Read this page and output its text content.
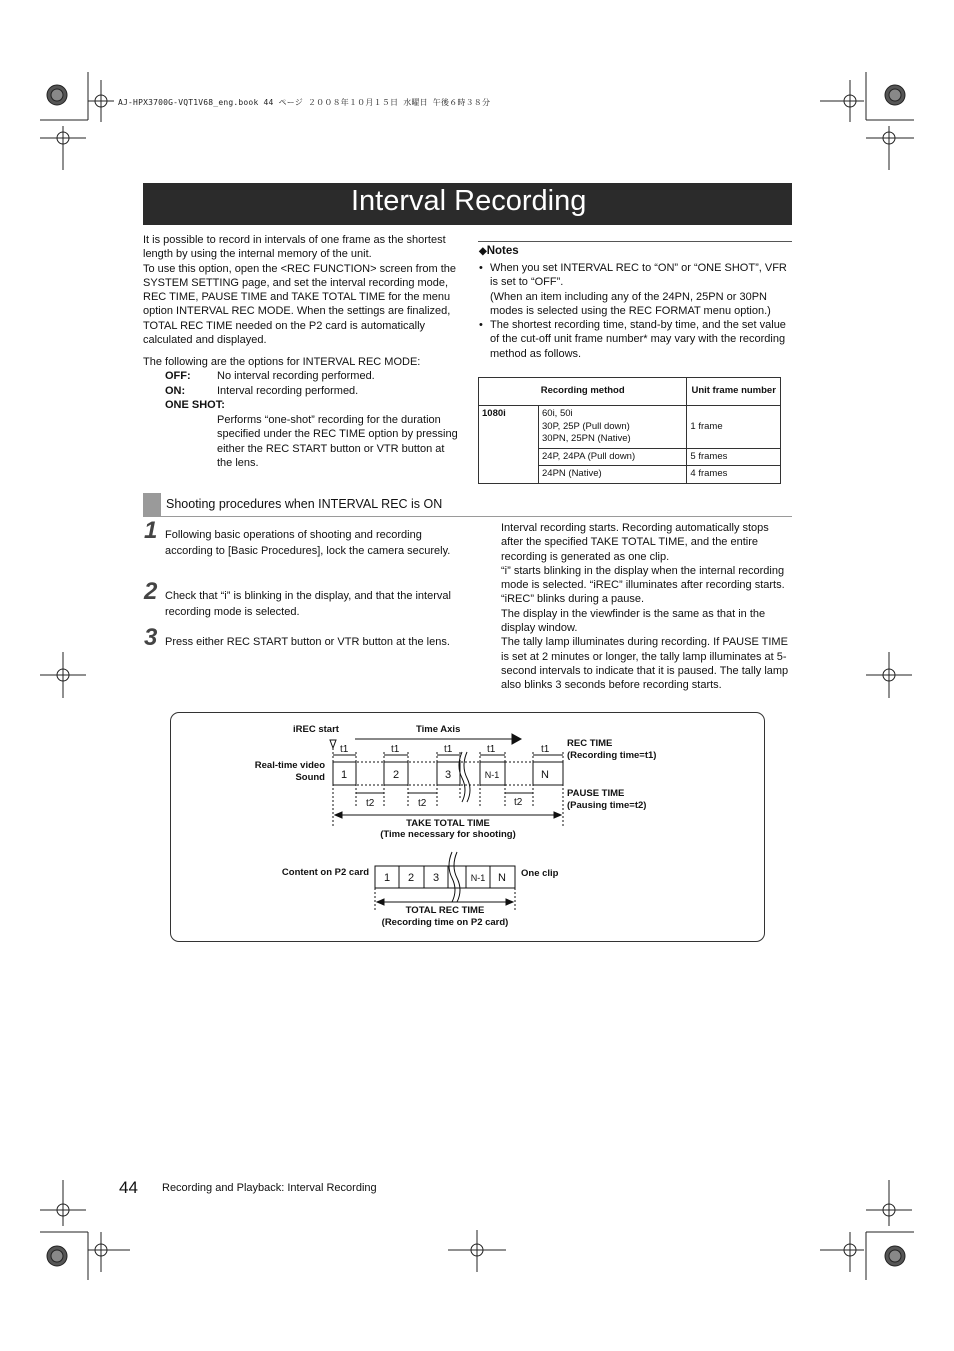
AJ-HPX3700G-VQT1V68_eng.book 44 ページ ２００８年１０月１５日 水曜日 午後６時３８分
Interval Recording

It is possible to record in intervals of one frame as the shortest length by using the internal memory of the unit.

To use this option, open the <REC FUNCTION> screen from the SYSTEM SETTING page, and set the interval recording mode, REC TIME, PAUSE TIME and TAKE TOTAL TIME for the menu option INTERVAL REC MODE. When the settings are finalized, TOTAL REC TIME needed on the P2 card is automatically calculated and displayed.

The following are the options for INTERVAL REC MODE:

OFF: No interval recording performed.
ON:	Interval recording performed.
ONE SHOT:
Performs “one-shot” recording for the duration specified under the REC TIME option by pressing either the REC START button or VTR button at the lens.
◆Notes
• When you set INTERVAL REC to “ON” or “ONE SHOT”, VFR is set to “OFF”.
(When an item including any of the 24PN, 25PN or 30PN modes is selected using the REC FORMAT menu option.)
• The shortest recording time, stand-by time, and the set value of the cut-off unit frame number* may vary with the recording method as follows.
Recording method		Unit frame number
1080i	60i, 50i
30P, 25P (Pull down)
30PN, 25PN (Native)	1 frame
	24P, 24PA (Pull down)	5 frames
	24PN (Native)	4 frames
Shooting procedures when INTERVAL REC is ON
1 Following basic operations of shooting and recording according to [Basic Procedures], lock the camera securely.
2 Check that “i” is blinking in the display, and that the interval recording mode is selected.
3 Press either REC START button or VTR button at the lens.

Interval recording starts. Recording automatically stops after the specified TAKE TOTAL TIME, and the entire recording is generated as one clip.

“i” starts blinking in the display when the internal recording mode is selected. “iREC” illuminates after recording starts. “iREC” blinks during a pause.

The display in the viewfinder is the same as that in the display window.

The tally lamp illuminates during recording. If PAUSE TIME is set at 2 minutes or longer, the tally lamp illuminates at 5-second intervals to indicate that it is paused. The tally lamp also blinks 3 seconds before recording starts.

iREC start	Time Axis
Real-time video
Sound
REC TIME
(Recording time=t1)
PAUSE TIME
(Pausing time=t2)
TAKE TOTAL TIME
(Time necessary for shooting)
Content on P2 card	One clip
TOTAL REC TIME
(Recording time on P2 card)
t1	t1	t1	t1	t1
t2	t2	t2
1	2	3	N-1	N
1 2 3	N-1 N
44 Recording and Playback: Interval Recording
